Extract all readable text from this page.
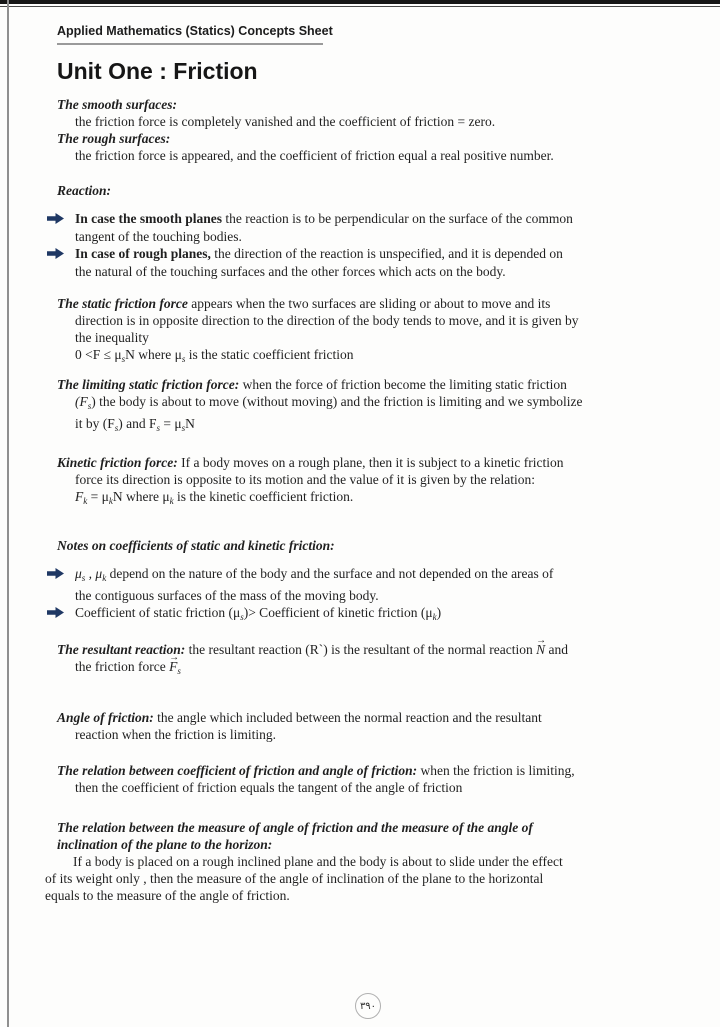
Applied Mathematics (Statics) Concepts Sheet
Unit One : Friction
The smooth surfaces:
the friction force is completely vanished and the coefficient of friction = zero.
The rough surfaces:
the friction force is appeared, and the coefficient of friction equal a real positive number.
Reaction:
In case the smooth planes the reaction is to be perpendicular on the surface of the common
tangent of the touching bodies.
In case of rough planes, the direction of the reaction is unspecified, and it is depended on
the natural of the touching surfaces and the other forces which acts on the body.
The static friction force appears when the two surfaces are sliding or about to move and its
direction is in opposite direction to the direction of the body tends to move, and it is given by
the inequality
$0 <F \le \mu_sN$ where $\mu_s$ is the static coefficient friction
The limiting static friction force: when the force of friction become the limiting static friction
$(F_s)$ the body is about to move (without moving) and the friction is limiting and we symbolize
it by $(F_s)$ and $F_s = \mu_sN$
Kinetic friction force: If a body moves on a rough plane, then it is subject to a kinetic friction
force its direction is opposite to its motion and the value of it is given by the relation:
$F_k = \mu_kN$ where $\mu_k$ is the kinetic coefficient friction.
Notes on coefficients of static and kinetic friction:
$\mu_s$ , $\mu_k$ depend on the nature of the body and the surface and not depended on the areas of
the contiguous surfaces of the mass of the moving body.
Coefficient of static friction $(\mu_s)>$ Coefficient of kinetic friction $(\mu_k)$
The resultant reaction: the resultant reaction (R`) is the resultant of the normal reaction → N and
the friction force → $F_s$
Angle of friction: the angle which included between the normal reaction and the resultant
reaction when the friction is limiting.
The relation between coefficient of friction and angle of friction: when the friction is limiting,
then the coefficient of friction equals the tangent of the angle of friction
The relation between the measure of angle of friction and the measure of the angle of
inclination of the plane to the horizon:
If a body is placed on a rough inclined plane and the body is about to slide under the effect
of its weight only , then the measure of the angle of inclination of the plane to the horizontal
equals to the measure of the angle of friction.
٣٩٠
